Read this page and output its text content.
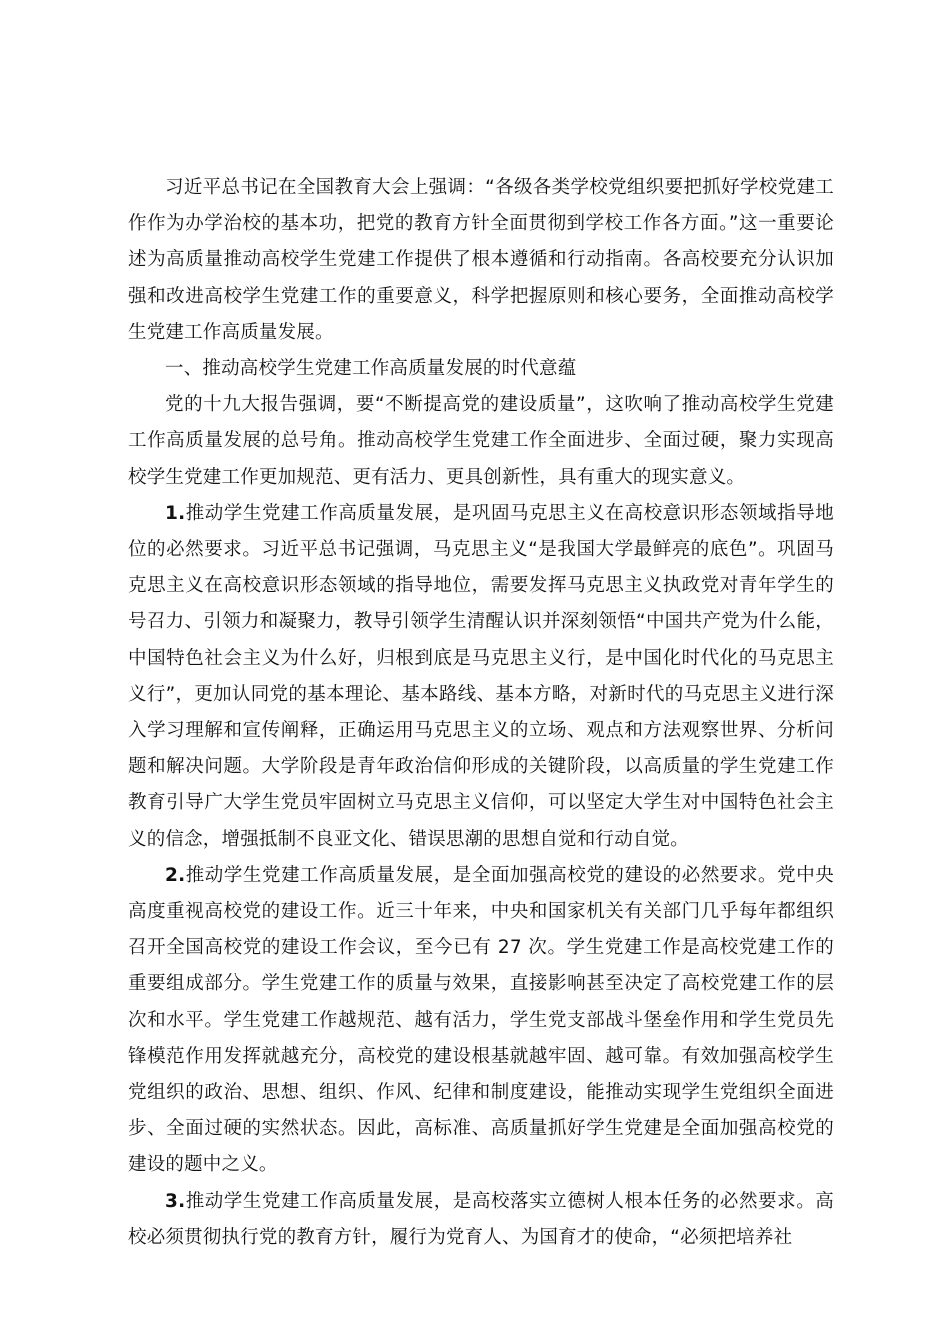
习近平总书记在全国教育大会上强调：“各级各类学校党组织要把抓好学校党建工作作为办学治校的基本功，把党的教育方针全面贯彻到学校工作各方面。”这一重要论述为高质量推动高校学生党建工作提供了根本遵循和行动指南。各高校要充分认识加强和改进高校学生党建工作的重要意义，科学把握原则和核心要务，全面推动高校学生党建工作高质量发展。

一、推动高校学生党建工作高质量发展的时代意蕴

党的十九大报告强调，要“不断提高党的建设质量”，这吹响了推动高校学生党建工作高质量发展的总号角。推动高校学生党建工作全面进步、全面过硬，聚力实现高校学生党建工作更加规范、更有活力、更具创新性，具有重大的现实意义。

1.推动学生党建工作高质量发展，是巩固马克思主义在高校意识形态领域指导地位的必然要求。习近平总书记强调，马克思主义“是我国大学最鲜亮的底色”。巩固马克思主义在高校意识形态领域的指导地位，需要发挥马克思主义执政党对青年学生的号召力、引领力和凝聚力，教导引领学生清醒认识并深刻领悟“中国共产党为什么能，中国特色社会主义为什么好，归根到底是马克思主义行，是中国化时代化的马克思主义行”，更加认同党的基本理论、基本路线、基本方略，对新时代的马克思主义进行深入学习理解和宣传阐释，正确运用马克思主义的立场、观点和方法观察世界、分析问题和解决问题。大学阶段是青年政治信仰形成的关键阶段，以高质量的学生党建工作教育引导广大学生党员牢固树立马克思主义信仰，可以坚定大学生对中国特色社会主义的信念，增强抵制不良亚文化、错误思潮的思想自觉和行动自觉。

2.推动学生党建工作高质量发展，是全面加强高校党的建设的必然要求。党中央高度重视高校党的建设工作。近三十年来，中央和国家机关有关部门几乎每年都组织召开全国高校党的建设工作会议，至今已有 27 次。学生党建工作是高校党建工作的重要组成部分。学生党建工作的质量与效果，直接影响甚至决定了高校党建工作的层次和水平。学生党建工作越规范、越有活力，学生党支部战斗堡垒作用和学生党员先锋模范作用发挥就越充分，高校党的建设根基就越牢固、越可靠。有效加强高校学生党组织的政治、思想、组织、作风、纪律和制度建设，能推动实现学生党组织全面进步、全面过硬的实然状态。因此，高标准、高质量抓好学生党建是全面加强高校党的建设的题中之义。

3.推动学生党建工作高质量发展，是高校落实立德树人根本任务的必然要求。高校必须贯彻执行党的教育方针，履行为党育人、为国育才的使命，“必须把培养社
